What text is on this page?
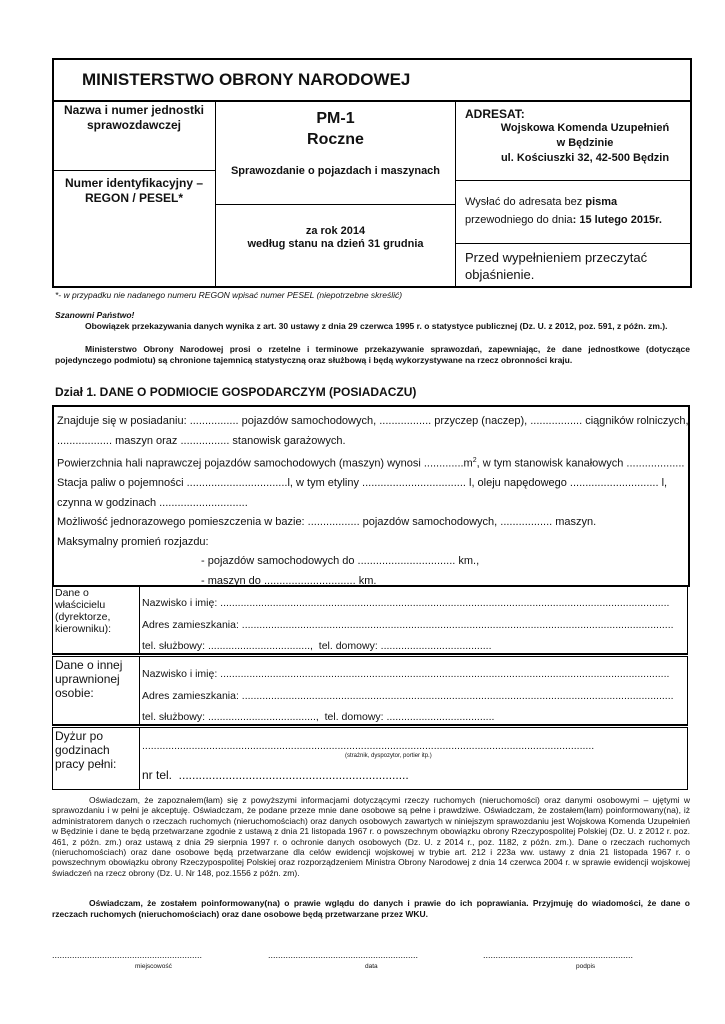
MINISTERSTWO OBRONY NARODOWEJ
Nazwa i numer jednostki sprawozdawczej
Numer identyfikacyjny – REGON / PESEL*
PM-1
Roczne
Sprawozdanie o pojazdach i maszynach
za rok 2014
według stanu na dzień 31 grudnia
ADRESAT:
Wojskowa Komenda Uzupełnień
w Będzinie
ul. Kościuszki 32, 42-500 Będzin
Wysłać do adresata bez pisma
przewodniego do dnia: 15 lutego 2015r.
Przed wypełnieniem przeczytać objaśnienie.
*- w przypadku nie nadanego numeru REGON wpisać numer PESEL (niepotrzebne skreślić)
Szanowni Państwo!
Obowiązek przekazywania danych wynika z art. 30 ustawy z dnia 29 czerwca 1995 r. o statystyce publicznej (Dz. U. z 2012, poz. 591, z późn. zm.).
Ministerstwo Obrony Narodowej prosi o rzetelne i terminowe przekazywanie sprawozdań, zapewniając, że dane jednostkowe (dotyczące pojedynczego podmiotu) są chronione tajemnicą statystyczną oraz służbową i będą wykorzystywane na rzecz obronności kraju.
Dział 1. DANE O PODMIOCIE GOSPODARCZYM (POSIADACZU)
Znajduje się w posiadaniu: ................ pojazdów samochodowych, ................. przyczep (naczep), ................. ciągników rolniczych,
.................. maszyn oraz ................ stanowisk garażowych.
Powierzchnia hali naprawczej pojazdów samochodowych (maszyn) wynosi $.............m^2$, w tym stanowisk kanałowych ...................
Stacja paliw o pojemności .................................l, w tym etyliny .................................. l, oleju napędowego ............................. l,
czynna w godzinach .............................
Możliwość jednorazowego pomieszczenia w bazie: ................. pojazdów samochodowych, ................. maszyn.
Maksymalny promień rozjazdu:
- pojazdów samochodowych do ................................ km.,
- maszyn do .............................. km.
Dane o właścicielu (dyrektorze, kierowniku):
Nazwisko i imię: ..........................................................................................................................................................
Adres zamieszkania: ....................................................................................................................................................
tel. służbowy: ...................................,  tel. domowy: ......................................
Dane o innej uprawnionej osobie:
Nazwisko i imię: ..........................................................................................................................................................
Adres zamieszkania: ....................................................................................................................................................
tel. służbowy: .....................................,  tel. domowy: .....................................
Dyżur po godzinach pracy pełni:
...........................................................................................................................................................
(strażnik, dyspozytor, portier itp.)
nr tel.  .....................................................................
Oświadczam, że zapoznałem(łam) się z powyższymi informacjami dotyczącymi rzeczy ruchomych (nieruchomości) oraz danymi osobowymi – ujętymi w sprawozdaniu i w pełni je akceptuję. Oświadczam, że podane przeze mnie dane osobowe są pełne i prawdziwe. Oświadczam, że zostałem(łam) poinformowany(na), iż administratorem danych o rzeczach ruchomych (nieruchomościach) oraz danych osobowych zawartych w niniejszym sprawozdaniu jest Wojskowa Komenda Uzupełnień w Będzinie i dane te będą przetwarzane zgodnie z ustawą z dnia 21 listopada 1967 r. o powszechnym obowiązku obrony Rzeczypospolitej Polskiej (Dz. U. z 2012 r. poz. 461, z późn. zm.) oraz ustawą z dnia 29 sierpnia 1997 r. o ochronie danych osobowych (Dz. U. z 2014 r., poz. 1182, z późn. zm.). Dane o rzeczach ruchomych (nieruchomościach) oraz dane osobowe będą przetwarzane dla celów ewidencji wojskowej w trybie art. 212 i 223a ww. ustawy z dnia 21 listopada 1967 r. o powszechnym obowiązku obrony Rzeczypospolitej Polskiej oraz rozporządzeniem Ministra Obrony Narodowej z dnia 14 czerwca 2004 r. w sprawie ewidencji wojskowej świadczeń na rzecz obrony (Dz. U. Nr 148, poz.1556 z późn. zm).
Oświadczam, że zostałem poinformowany(na) o prawie wglądu do danych i prawie do ich poprawiania. Przyjmuję do wiadomości, że dane o rzeczach ruchomych (nieruchomościach) oraz dane osobowe będą przetwarzane przez WKU.
............................................................
miejscowość
............................................................
data
............................................................
podpis
